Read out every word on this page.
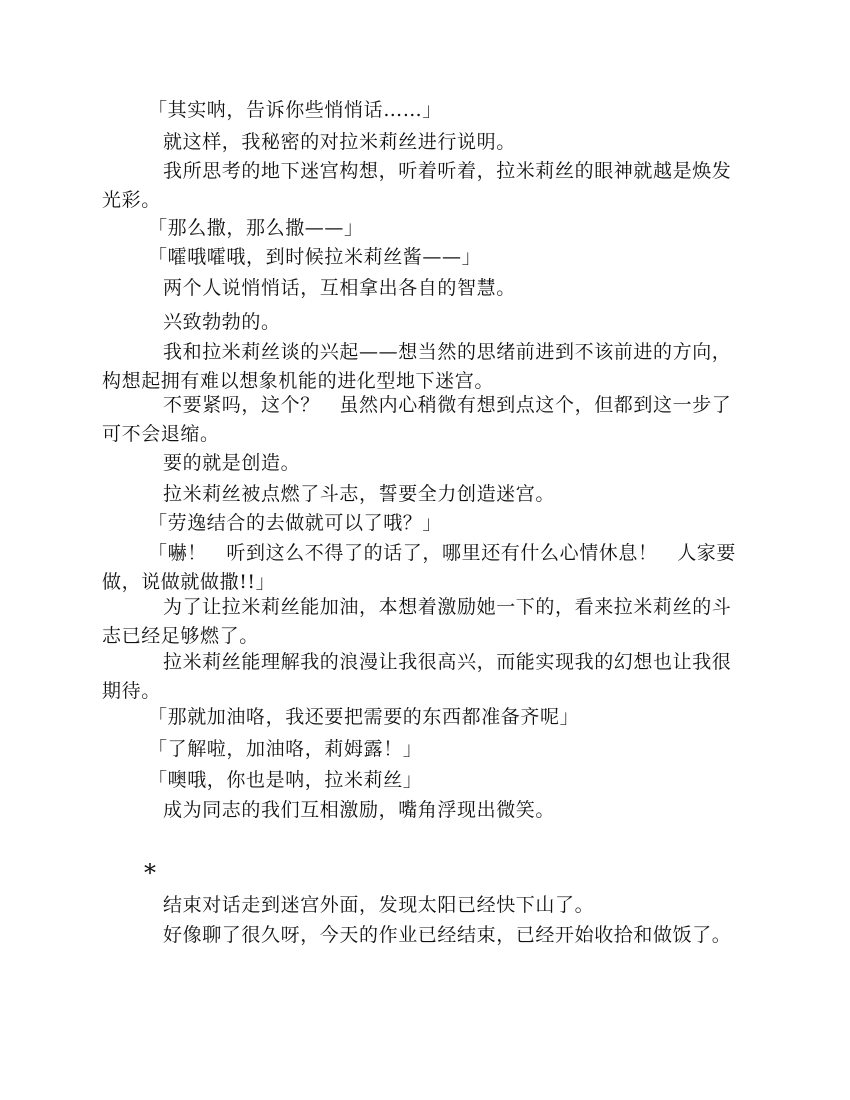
「其实呐，告诉你些悄悄话……」

就这样，我秘密的对拉米莉丝进行说明。

我所思考的地下迷宫构想，听着听着，拉米莉丝的眼神就越是焕发光彩。

「那么撒，那么撒——」

「嚯哦嚯哦，到时候拉米莉丝酱——」

两个人说悄悄话，互相拿出各自的智慧。

兴致勃勃的。

我和拉米莉丝谈的兴起——想当然的思绪前进到不该前进的方向，构想起拥有难以想象机能的进化型地下迷宫。

不要紧吗，这个？　虽然内心稍微有想到点这个，但都到这一步了可不会退缩。

要的就是创造。

拉米莉丝被点燃了斗志，誓要全力创造迷宫。

「劳逸结合的去做就可以了哦？」

「嚇！　听到这么不得了的话了，哪里还有什么心情休息！　人家要做，说做就做撒!!」

为了让拉米莉丝能加油，本想着激励她一下的，看来拉米莉丝的斗志已经足够燃了。

拉米莉丝能理解我的浪漫让我很高兴，而能实现我的幻想也让我很期待。

「那就加油咯，我还要把需要的东西都准备齐呢」

「了解啦，加油咯，莉姆露！」

「噢哦，你也是呐，拉米莉丝」

成为同志的我们互相激励，嘴角浮现出微笑。

*

结束对话走到迷宫外面，发现太阳已经快下山了。

好像聊了很久呀，今天的作业已经结束，已经开始收拾和做饭了。
